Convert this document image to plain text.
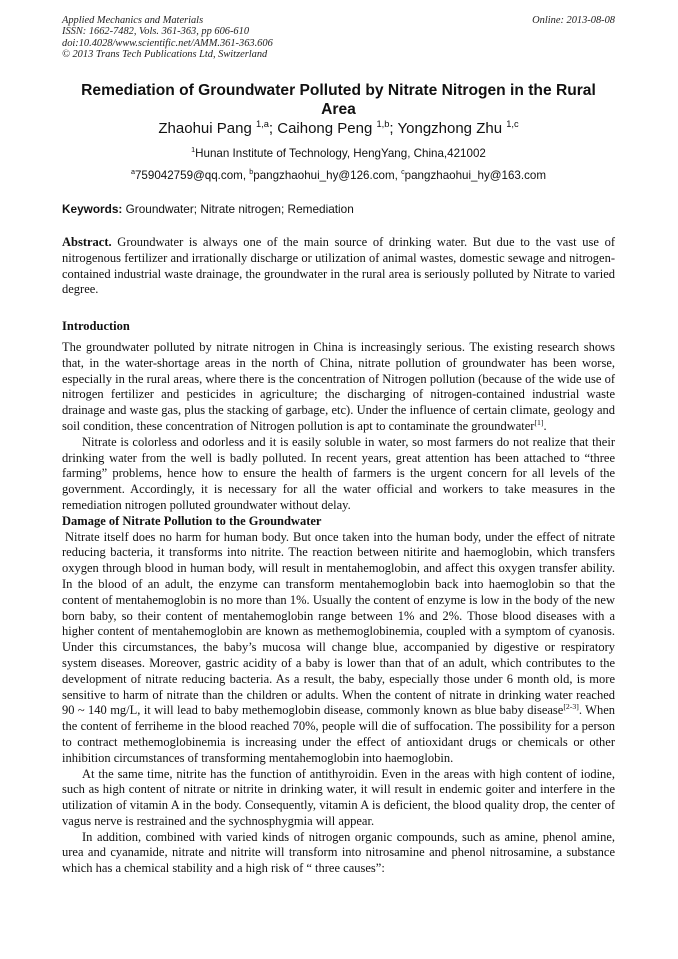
Applied Mechanics and Materials
ISSN: 1662-7482, Vols. 361-363, pp 606-610
doi:10.4028/www.scientific.net/AMM.361-363.606
© 2013 Trans Tech Publications Ltd, Switzerland
Online: 2013-08-08
Remediation of Groundwater Polluted by Nitrate Nitrogen in the Rural Area
Zhaohui Pang $^{1,a}$; Caihong Peng $^{1,b}$; Yongzhong Zhu $^{1,c}$
$^1$Hunan Institute of Technology, HengYang, China,421002
$^a$759042759@qq.com, $^b$pangzhaohui_hy@126.com, $^c$pangzhaohui_hy@163.com
Keywords: Groundwater; Nitrate nitrogen; Remediation

Abstract. Groundwater is always one of the main source of drinking water. But due to the vast use of nitrogenous fertilizer and irrationally discharge or utilization of animal wastes, domestic sewage and nitrogen-contained industrial waste drainage, the groundwater in the rural area is seriously polluted by Nitrate to varied degree.

Introduction

The groundwater polluted by nitrate nitrogen in China is increasingly serious. The existing research shows that, in the water-shortage areas in the north of China, nitrate pollution of groundwater has been worse, especially in the rural areas, where there is the concentration of Nitrogen pollution (because of the wide use of nitrogen fertilizer and pesticides in agriculture; the discharging of nitrogen-contained industrial waste drainage and waste gas, plus the stacking of garbage, etc). Under the influence of certain climate, geology and soil condition, these concentration of Nitrogen pollution is apt to contaminate the groundwater[1].

Nitrate is colorless and odorless and it is easily soluble in water, so most farmers do not realize that their drinking water from the well is badly polluted. In recent years, great attention has been attached to “three farming” problems, hence how to ensure the health of farmers is the urgent concern for all levels of the government. Accordingly, it is necessary for all the water official and workers to take measures in the remediation nitrogen polluted groundwater without delay.

Damage of Nitrate Pollution to the Groundwater

Nitrate itself does no harm for human body. But once taken into the human body, under the effect of nitrate reducing bacteria, it transforms into nitrite. The reaction between nitirite and haemoglobin, which transfers oxygen through blood in human body, will result in mentahemoglobin, and affect this oxygen transfer ability. In the blood of an adult, the enzyme can transform mentahemoglobin back into haemoglobin so that the content of mentahemoglobin is no more than 1%. Usually the content of enzyme is low in the body of the new born baby, so their content of mentahemoglobin range between 1% and 2%. Those blood diseases with a higher content of mentahemoglobin are known as methemoglobinemia, coupled with a symptom of cyanosis. Under this circumstances, the baby’s mucosa will change blue, accompanied by digestive or respiratory system diseases. Moreover, gastric acidity of a baby is lower than that of an adult, which contributes to the development of nitrate reducing bacteria. As a result, the baby, especially those under 6 month old, is more sensitive to harm of nitrate than the children or adults. When the content of nitrate in drinking water reached 90 ~ 140 mg/L, it will lead to baby methemoglobin disease, commonly known as blue baby disease[2-3]. When the content of ferriheme in the blood reached 70%, people will die of suffocation. The possibility for a person to contract methemoglobinemia is increasing under the effect of antioxidant drugs or chemicals or other inhibition circumstances of transforming mentahemoglobin into haemoglobin.

At the same time, nitrite has the function of antithyroidin. Even in the areas with high content of iodine, such as high content of nitrate or nitrite in drinking water, it will result in endemic goiter and interfere in the utilization of vitamin A in the body. Consequently, vitamin A is deficient, the blood quality drop, the center of vagus nerve is restrained and the sychnosphygmia will appear.

In addition, combined with varied kinds of nitrogen organic compounds, such as amine, phenol amine, urea and cyanamide, nitrate and nitrite will transform into nitrosamine and phenol nitrosamine, a substance which has a chemical stability and a high risk of “ three causes”:
